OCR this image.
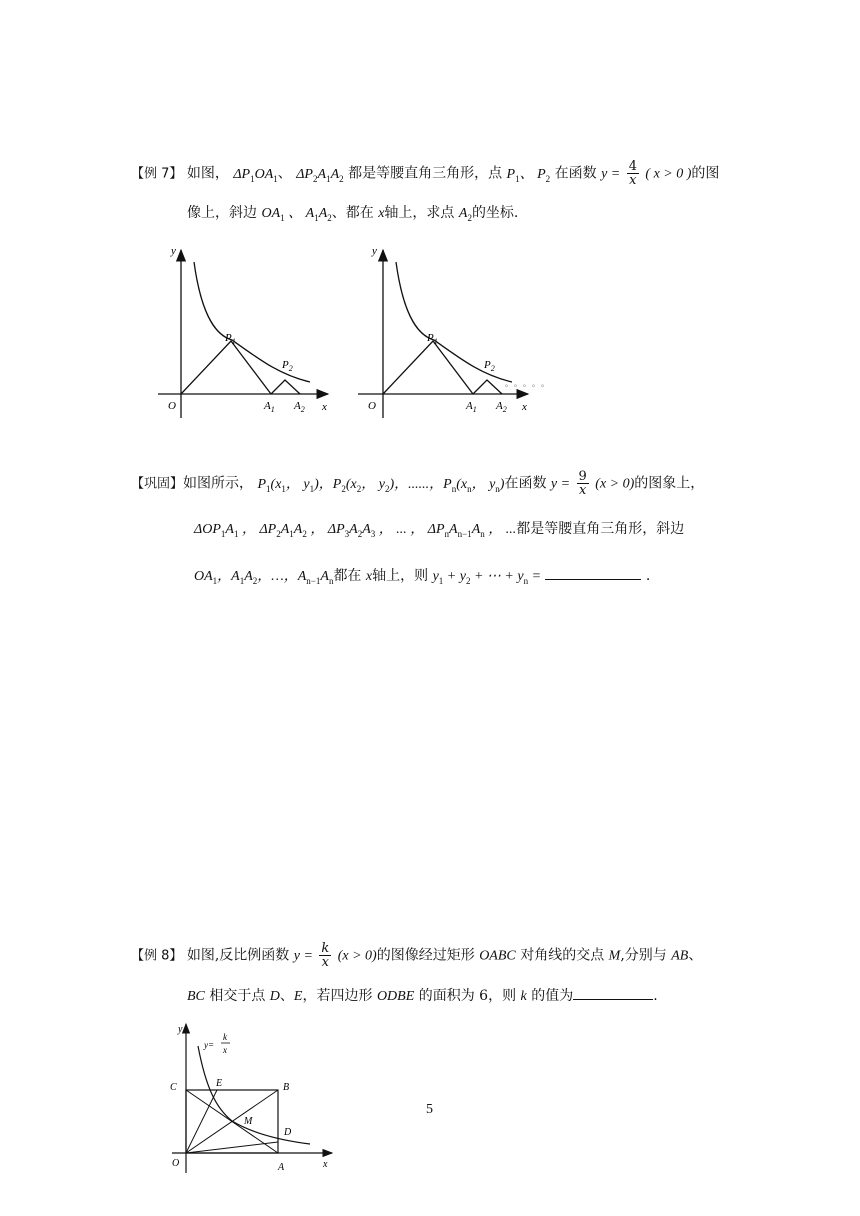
【例 7】 如图， $\Delta P_1OA_1$、 $\Delta P_2A_1A_2$ 都是等腰直角三角形，点 $P_1$、 $P_2$ 在函数 $y = \frac{4}{x}$ ( x > 0 )的图
像上，斜边 $OA_1$ 、 $A_1A_2$、都在 x轴上，求点 $A_2$的坐标.
y
x
O
$P_1$
$P_2$
$A_1$ $A_2$
y
x
O
$P_1$
$P_2$
$A_1$ $A_2$
。。。。。
【巩固】如图所示， $P_1(x_1$， $y_1$)，$P_2(x_2$， $y_2$)，......，$P_n(x_n$， $y_n$)在函数 $y = \frac{9}{x} (x > 0)$的图象上，
$\Delta OP_1A_1$ ， $\Delta P_2A_1A_2$ ， $\Delta P_3A_2A_3$ ， ... ， $\Delta P_nA_{n-1}A_n$ ， ...都是等腰直角三角形，斜边
$OA_1$，$A_1A_2$，…，$A_{n-1}A_n$都在 x轴上，则 $y_1 + y_2$ + ⋯ + $y_n$ =	.
【例 8】 如图,反比例函数 $y = \frac{k}{x} (x > 0)$的图像经过矩形 OABC 对角线的交点 M,分别与 AB、
BC 相交于点 D、E，若四边形 ODBE 的面积为 6，则 k 的值为	.
y
x
O	A
B
C
D
E
M
y=
k
x
5
